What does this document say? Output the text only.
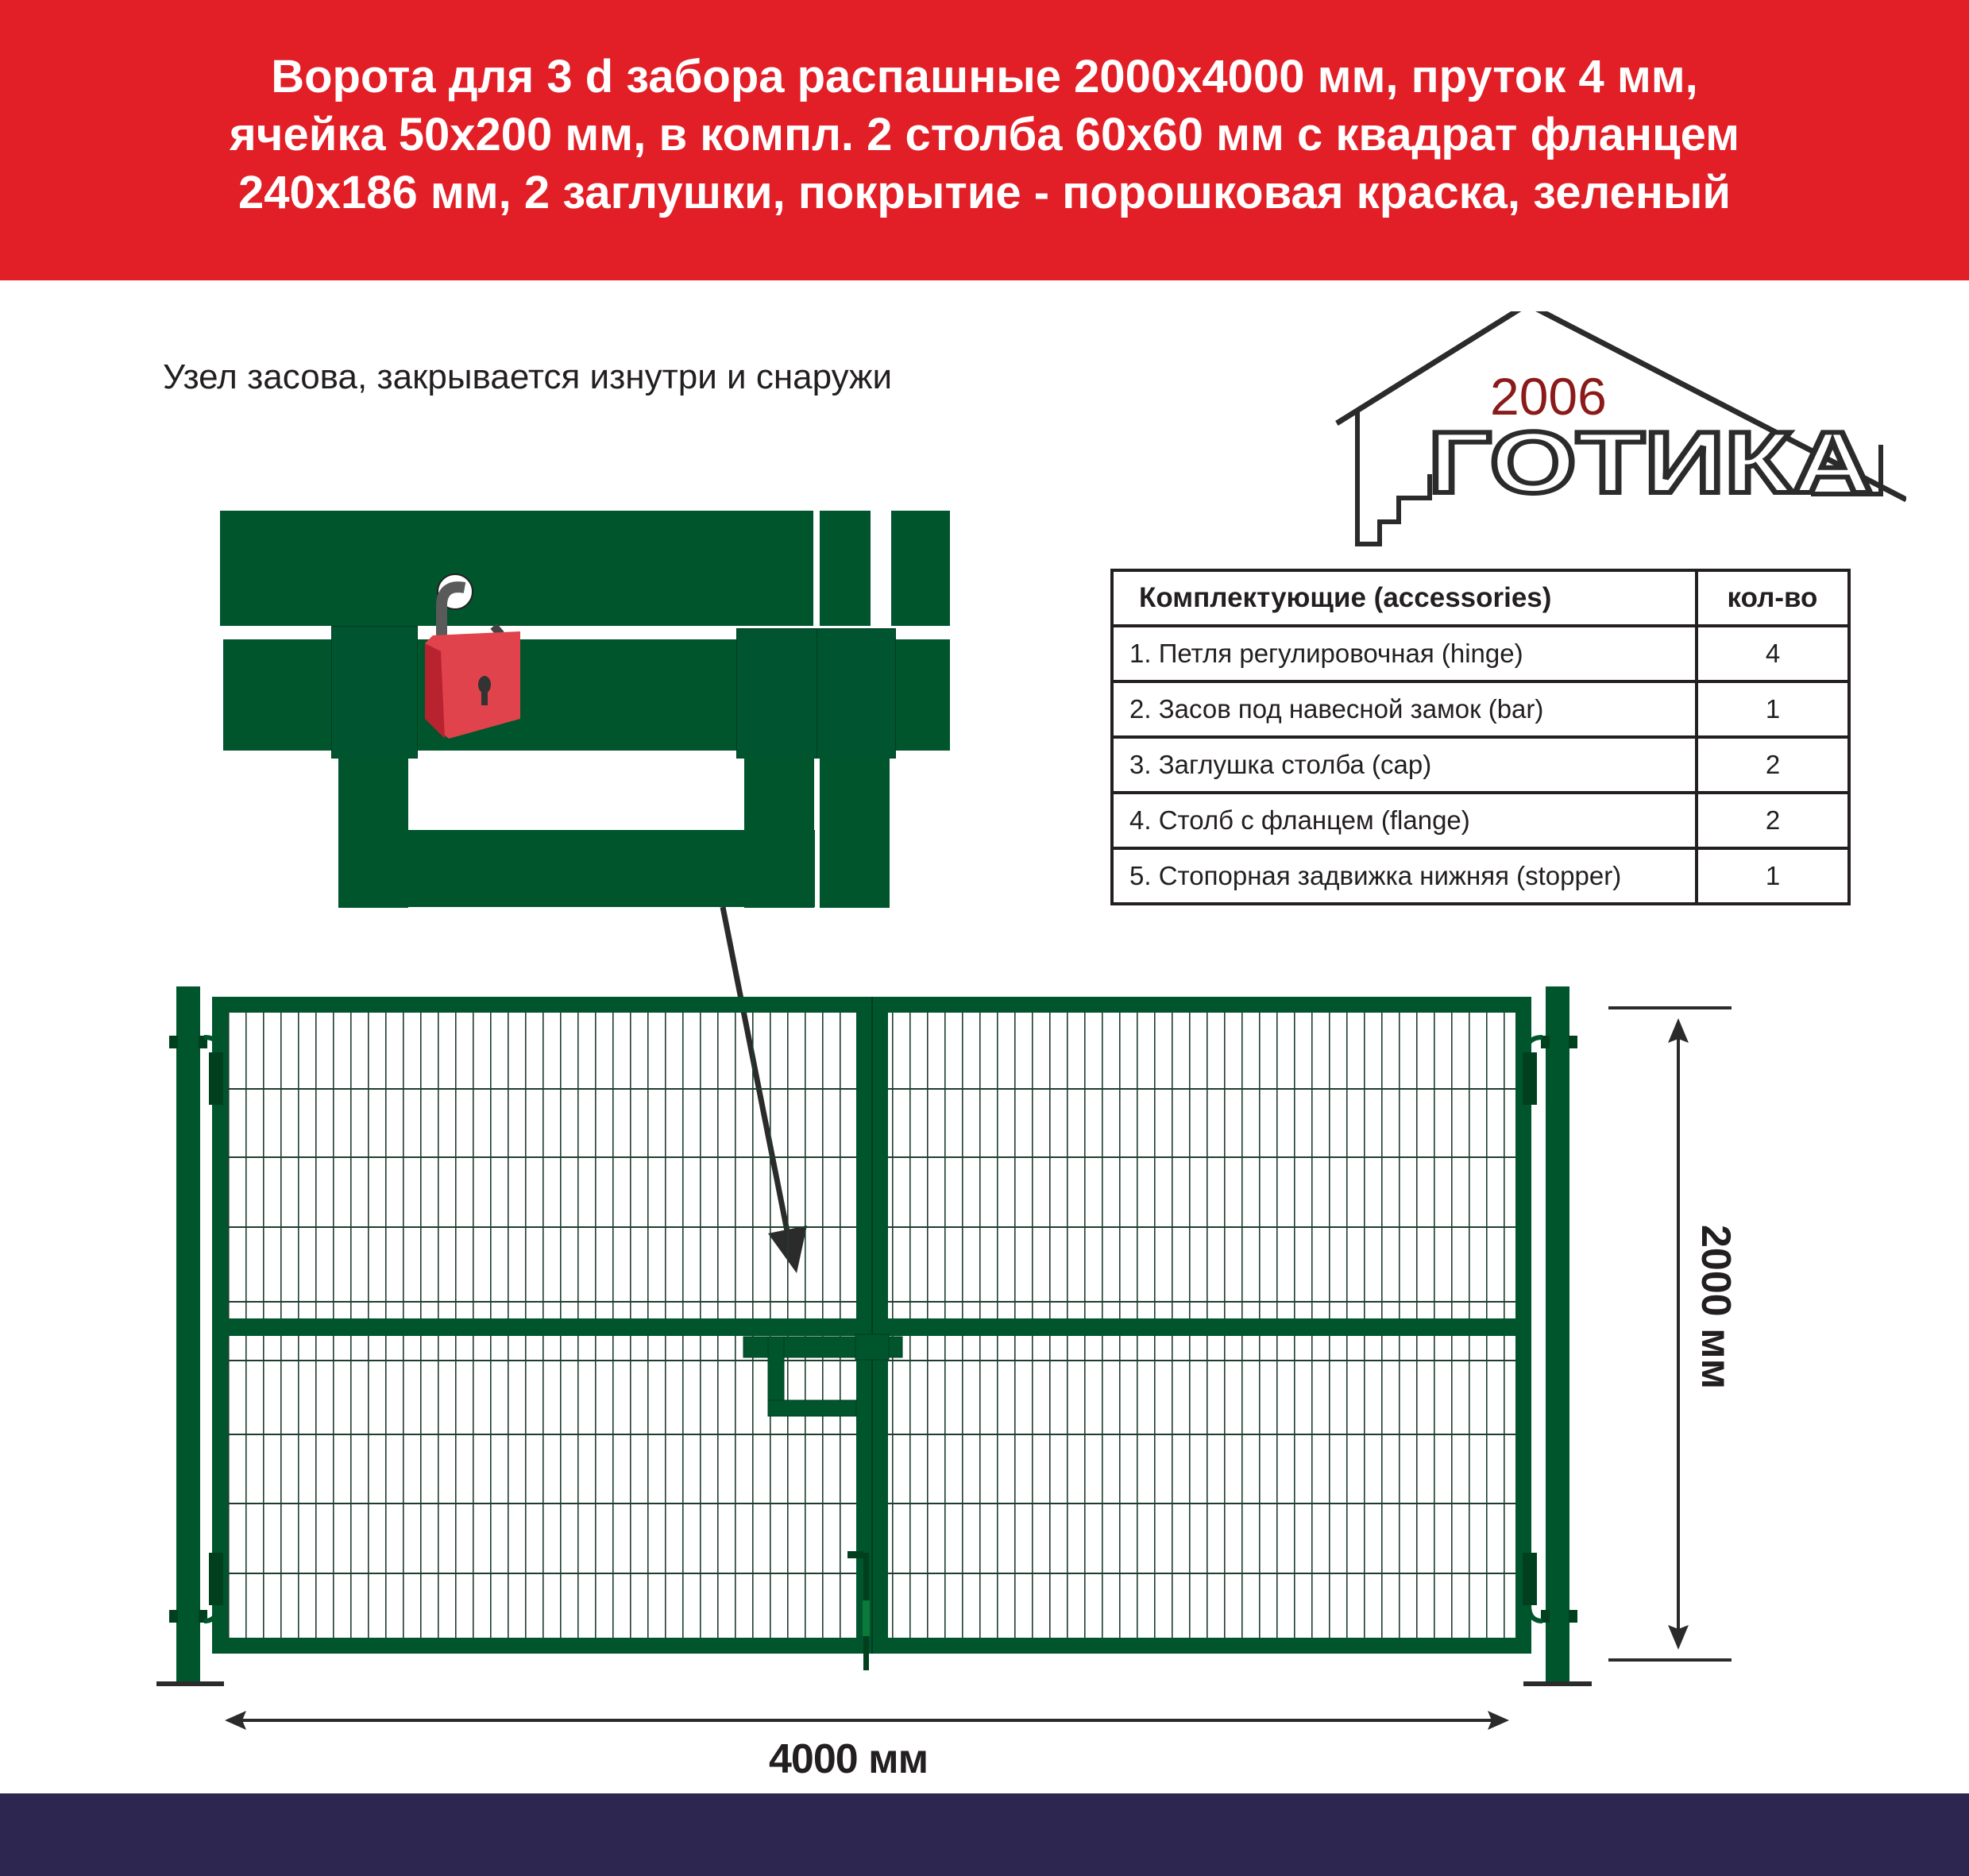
Ворота для 3 d забора распашные 2000x4000 мм, пруток 4 мм,
ячейка 50x200 мм, в компл. 2 столба 60x60 мм с квадрат фланцем
240x186 мм, 2 заглушки, покрытие - порошковая краска, зеленый
Узел засова, закрывается изнутри и снаружи	2006
ГОТИКА
Комплектующие (accessories)	кол-во
1. Петля регулировочная (hinge)	4
2. Засов под навесной замок (bar)	1
3. Заглушка столба (cap)	2
4. Столб с фланцем (flange)	2
5. Стопорная задвижка нижняя (stopper)	1
4000 мм
2000 мм
